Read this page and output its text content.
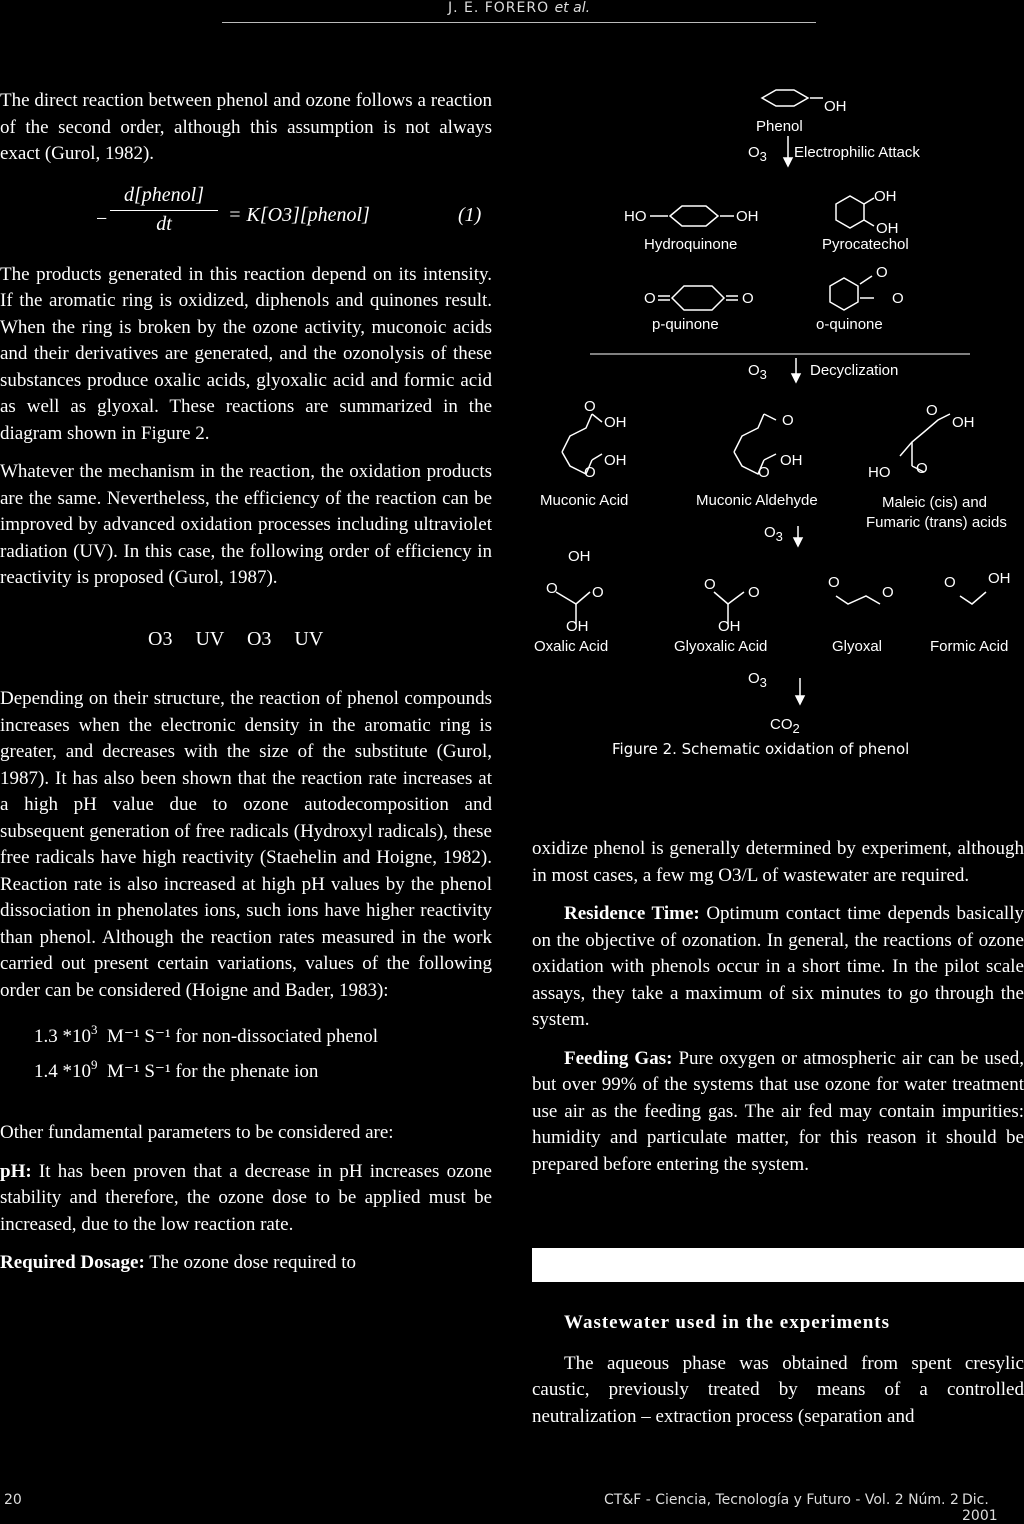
J. E. FORERO et al.

The direct reaction between phenol and ozone follows a reaction of the second order, although this assumption is not always exact (Gurol, 1982).

−
d[phenol]
dt	= K[O3][phenol]	(1)

The products generated in this reaction depend on its intensity. If the aromatic ring is oxidized, diphenols and quinones result. When the ring is broken by the ozone activity, muconoic acids and their derivatives are generated, and the ozonolysis of these substances produce oxalic acids, glyoxalic acid and formic acid as well as glyoxal. These reactions are summarized in the diagram shown in Figure 2.

Whatever the mechanism in the reaction, the oxidation products are the same. Nevertheless, the efficiency of the reaction can be improved by advanced oxidation processes including ultraviolet radiation (UV). In this case, the following order of efficiency in reactivity is proposed (Gurol, 1987).

O3 UV O3 UV

Depending on their structure, the reaction of phenol compounds increases when the electronic density in the aromatic ring is greater, and decreases with the size of the substitute (Gurol, 1987). It has also been shown that the reaction rate increases at a high pH value due to ozone autodecomposition and subsequent generation of free radicals (Hydroxyl radicals), these free radicals have high reactivity (Staehelin and Hoigne, 1982). Reaction rate is also increased at high pH values by the phenol dissociation in phenolates ions, such ions have higher reactivity than phenol. Although the reaction rates measured in the work carried out present certain variations, values of the following order can be considered (Hoigne and Bader, 1983):

1.3 $*10^3$ M⁻¹ S⁻¹ for non-dissociated phenol
1.4 $*10^9$ M⁻¹ S⁻¹ for the phenate ion

Other fundamental parameters to be considered are:

pH: It has been proven that a decrease in pH increases ozone stability and therefore, the ozone dose to be applied must be increased, due to the low reaction rate.

Required Dosage: The ozone dose required to

OH
Phenol
O3 Electrophilic Attack
HO	OH
OH
OH
Hydroquinone	Pyrocatechol
O
O	O	O
p-quinone	o-quinone
O3	Decyclization
O
OH
OH
O
O
O
OH
O
OH
HO O
Muconic Acid	Muconic Aldehyde	Maleic (cis) and
Fumaric (trans) acids
O3
OH
O O
OH
O O
OH
O
O
O OH
Oxalic Acid	Glyoxalic Acid	Glyoxal	Formic Acid
O3
CO2
Figure 2. Schematic oxidation of phenol

oxidize phenol is generally determined by experiment, although in most cases, a few mg O3/L of wastewater are required.

Residence Time: Optimum contact time depends basically on the objective of ozonation. In general, the reactions of ozone oxidation with phenols occur in a short time. In the pilot scale assays, they take a maximum of six minutes to go through the system.

Feeding Gas: Pure oxygen or atmospheric air can be used, but over 99% of the systems that use ozone for water treatment use air as the feeding gas. The air fed may contain impurities: humidity and particulate matter, for this reason it should be prepared before entering the system.

Wastewater used in the experiments

The aqueous phase was obtained from spent cresylic caustic, previously treated by means of a controlled neutralization – extraction process (separation and

20	CT&F - Ciencia, Tecnología y Futuro - Vol. 2 Núm. 2 Dic. 2001
